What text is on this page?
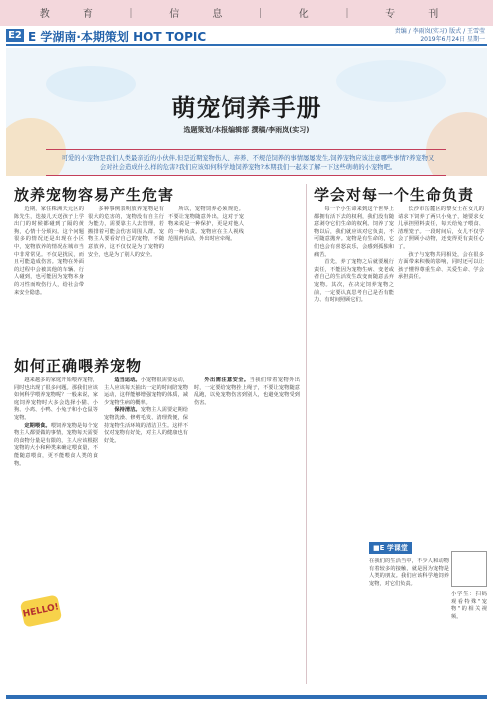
教 育 ｜ 信 息 ｜ 化 ｜ 专 刊
E2 E 学湖南·本期策划 HOT TOPIC	责编 / 李雨岚(实习) 版式 / 王雪莹
2019年6月24日 星期一
萌宠饲养手册
选题策划/本报编辑部 撰稿/李雨岚(实习)
可爱的小宠物是我们人类最亲近的小伙伴,但是近期宠物伤人、弃养、不规范饲养的事情屡屡发生,饲养宠物应该注意哪些事情?养宠物又会对社会造成什么样的危害?我们应该如何科学地饲养宠物?本期我们一起来了解一下这些萌萌的小宠物吧。
放养宠物容易产生危害

近期，家住株洲天元区的陈先生，迭接儿天送孩子上学出门的时候都碰到了隔的黄狗，心情十分烦闷。这个问题很多的情况还是出现在小区中，宠物放养的情况在城市当中非常常见。不仅是扰民，而且可能造成伤害。宠物在外面的过程中会被其他的车辆、行人碰到，也可能因为宠物本身的习性而咬伤行人，给社会带来安全隐患。

多种事例表明放养宠物是有很大的危害的，宠物没有自主行为能力，需要靠主人去管理，若搬排着可能会伤害周围人群。宠物主人要看好自己的宠物，不随意放养，这不仅仅是为了宠物的安全，也是为了别人的安全。

所以，宠物饲养必须规范。不要让宠物随意外出，这对于宠物来说是一种保护，更是对他人的一种负责。宠物应在主人视线范围内活动，外出时应牵绳。

如何正确喂养宠物

越来越多的家庭开始喂养宠物，同时也出现了很多问题。那我们应该如何科学喂养宠物呢？一般来说，家庭饲养宠物时大多会选择小猫、小狗、小鸡、小鸭、小兔子和小仓鼠等宠物。

定期喂食。喂饲养宠物是每个宠物主人都要做的事情，宠物每天需要的食物分量是有限的，主人应该根据宠物的大小和种类来确定喂食量，不能随意喂食，更不能喂食人类的食物。

适当运动。小宠物很需要运动，主人应该每天抽出一定的时间陪宠物运动，这样能够增强宠物的体质，减少宠物生病的概率。

保持清洁。宠物主人需要定期给宠物洗澡、修剪毛发、清理粪便，保持宠物生活环境的清洁卫生。这样不仅对宠物有好处，对主人的健康也有好处。

外出需注意安全。当我们带着宠物外出时，一定要给宠物拴上绳子，不要让宠物随意乱跑，以免宠物伤害到别人，也避免宠物受到伤害。

HELLO!
学会对每一个生命负责

每一个小生命来到这个世界上都拥有活下去的权利，我们没有随意剥夺它们生命的权利。饲养了宠物以后，我们就应该对它负责，不可随意抛弃。宠物是有生命的，它们也会有喜怒哀乐，会感到孤独和痛苦。

首先，养了宠物之后就要履行责任，不能因为宠物生病、变老或者自己的生活发生改变而随意丢弃宠物。其次，在决定饲养宠物之前，一定要认真思考自己是否有能力、有时间照顾它们。

长沙市岳麓区的黎女士在女儿的请求下饲养了两只小兔子，她要求女儿承担照料责任，每天给兔子喂食、清理笼子。一段时间后，女儿不仅学会了照顾小动物，还变得更有责任心了。

孩子与宠物共同相处，会在很多方面带来积极的影响，同时还可以让孩子懂得尊重生命、关爱生命、学会承担责任。

■E 学课堂
在我们的生活当中，不少人和动物有着较多的接触，就是因为宠物是人类的朋友。我们应该科学地饲养宠物，对它们负责。
小学生：扫码观看特殊"宠物"的相关视频。
